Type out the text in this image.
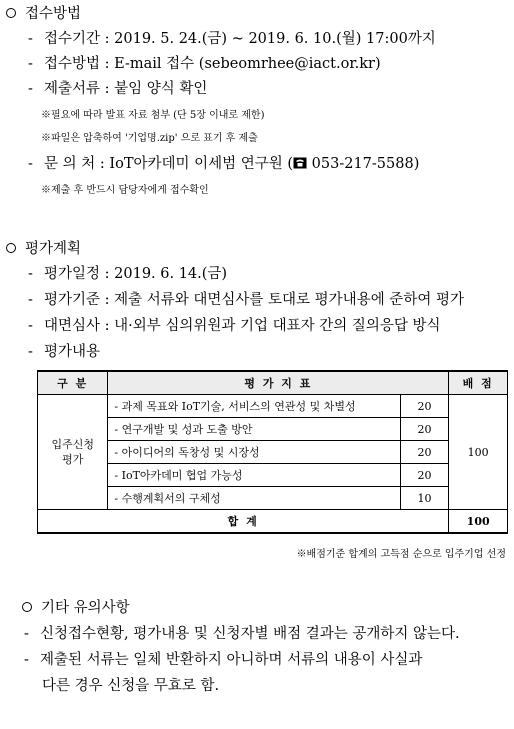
접수방법
- 접수기간 : 2019. 5. 24.(금) ~ 2019. 6. 10.(월) 17:00까지
- 접수방법 : E-mail 접수 (sebeomrhee@iact.or.kr)
- 제출서류 : 붙임 양식 확인
※필요에 따라 발표 자료 첨부 (단 5장 이내로 제한)
※파일은 압축하여 '기업명.zip' 으로 표기 후 제출
- 문 의 처 : IoT아카데미 이세범 연구원 ( 053-217-5588)
※제출 후 반드시 담당자에게 접수확인
평가계획
- 평가일정 : 2019. 6. 14.(금)
- 평가기준 : 제출 서류와 대면심사를 토대로 평가내용에 준하여 평가
- 대면심사 : 내·외부 심의위원과 기업 대표자 간의 질의응답 방식
- 평가내용
구 분	평 가 지 표		배 점
입주신청
평가	- 과제 목표와 IoT기술, 서비스의 연관성 및 차별성	20	100
	- 연구개발 및 성과 도출 방안	20	
	- 아이디어의 독창성 및 시장성	20	
	- IoT아카데미 협업 가능성	20	
	- 수행계획서의 구체성	10	
합 계			100
※배점기준 합계의 고득점 순으로 입주기업 선정
기타 유의사항
- 신청접수현황, 평가내용 및 신청자별 배점 결과는 공개하지 않는다.
- 제출된 서류는 일체 반환하지 아니하며 서류의 내용이 사실과
다른 경우 신청을 무효로 함.
